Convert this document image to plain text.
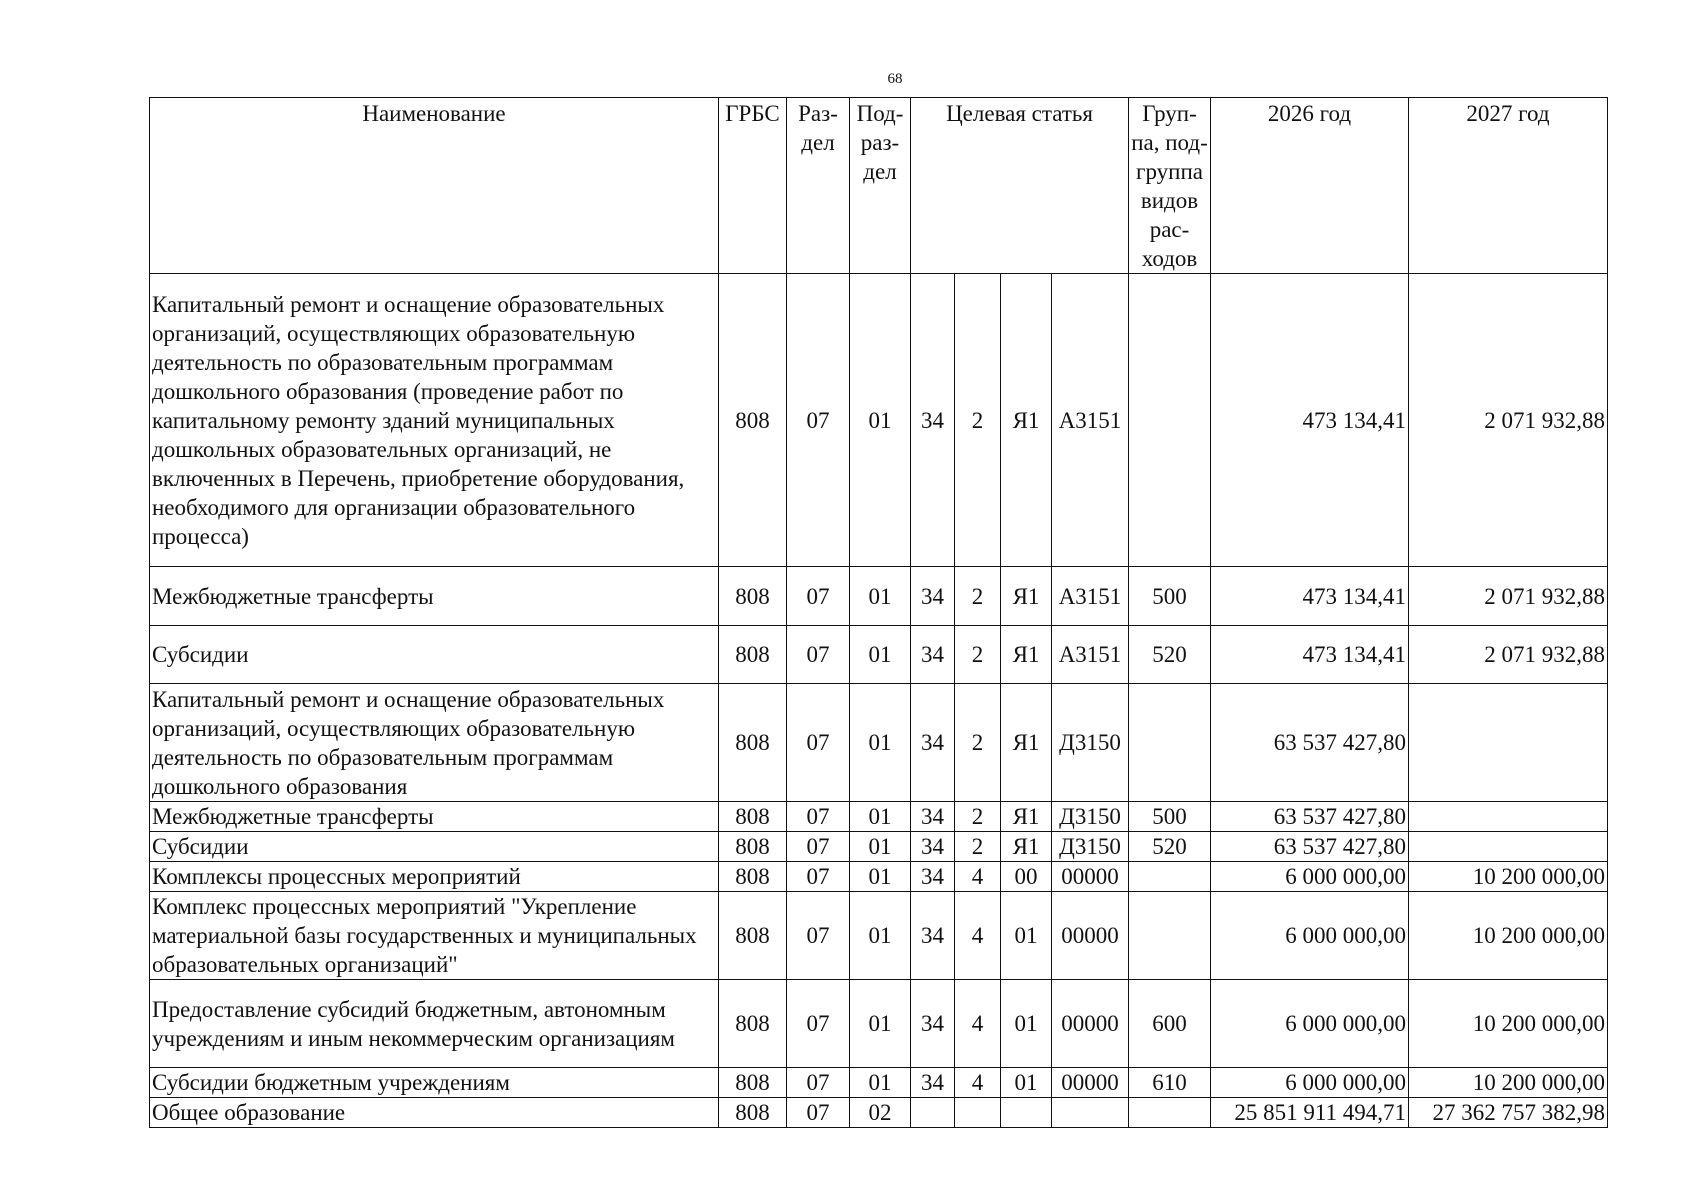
68
Наименование	ГРБС	Раз- дел	Под- раз- дел	Целевая статья				Груп- па, под- группа видов рас- ходов	2026 год	2027 год
Капитальный ремонт и оснащение образовательных организаций, осуществляющих образовательную деятельность по образовательным программам дошкольного образования (проведение работ по капитальному ремонту зданий муниципальных дошкольных образовательных организаций, не включенных в Перечень, приобретение оборудования, необходимого для организации образовательного процесса)	808	07	01	34	2	Я1	А3151		473 134,41	2 071 932,88
Межбюджетные трансферты	808	07	01	34	2	Я1	А3151	500	473 134,41	2 071 932,88
Субсидии	808	07	01	34	2	Я1	А3151	520	473 134,41	2 071 932,88
Капитальный ремонт и оснащение образовательных организаций, осуществляющих образовательную деятельность по образовательным программам дошкольного образования	808	07	01	34	2	Я1	Д3150		63 537 427,80	
Межбюджетные трансферты	808	07	01	34	2	Я1	Д3150	500	63 537 427,80	
Субсидии	808	07	01	34	2	Я1	Д3150	520	63 537 427,80	
Комплексы процессных мероприятий	808	07	01	34	4	00	00000		6 000 000,00	10 200 000,00
Комплекс процессных мероприятий "Укрепление материальной базы государственных и муниципальных образовательных организаций"	808	07	01	34	4	01	00000		6 000 000,00	10 200 000,00
Предоставление субсидий бюджетным, автономным учреждениям и иным некоммерческим организациям	808	07	01	34	4	01	00000	600	6 000 000,00	10 200 000,00
Субсидии бюджетным учреждениям	808	07	01	34	4	01	00000	610	6 000 000,00	10 200 000,00
Общее образование	808	07	02						25 851 911 494,71	27 362 757 382,98
